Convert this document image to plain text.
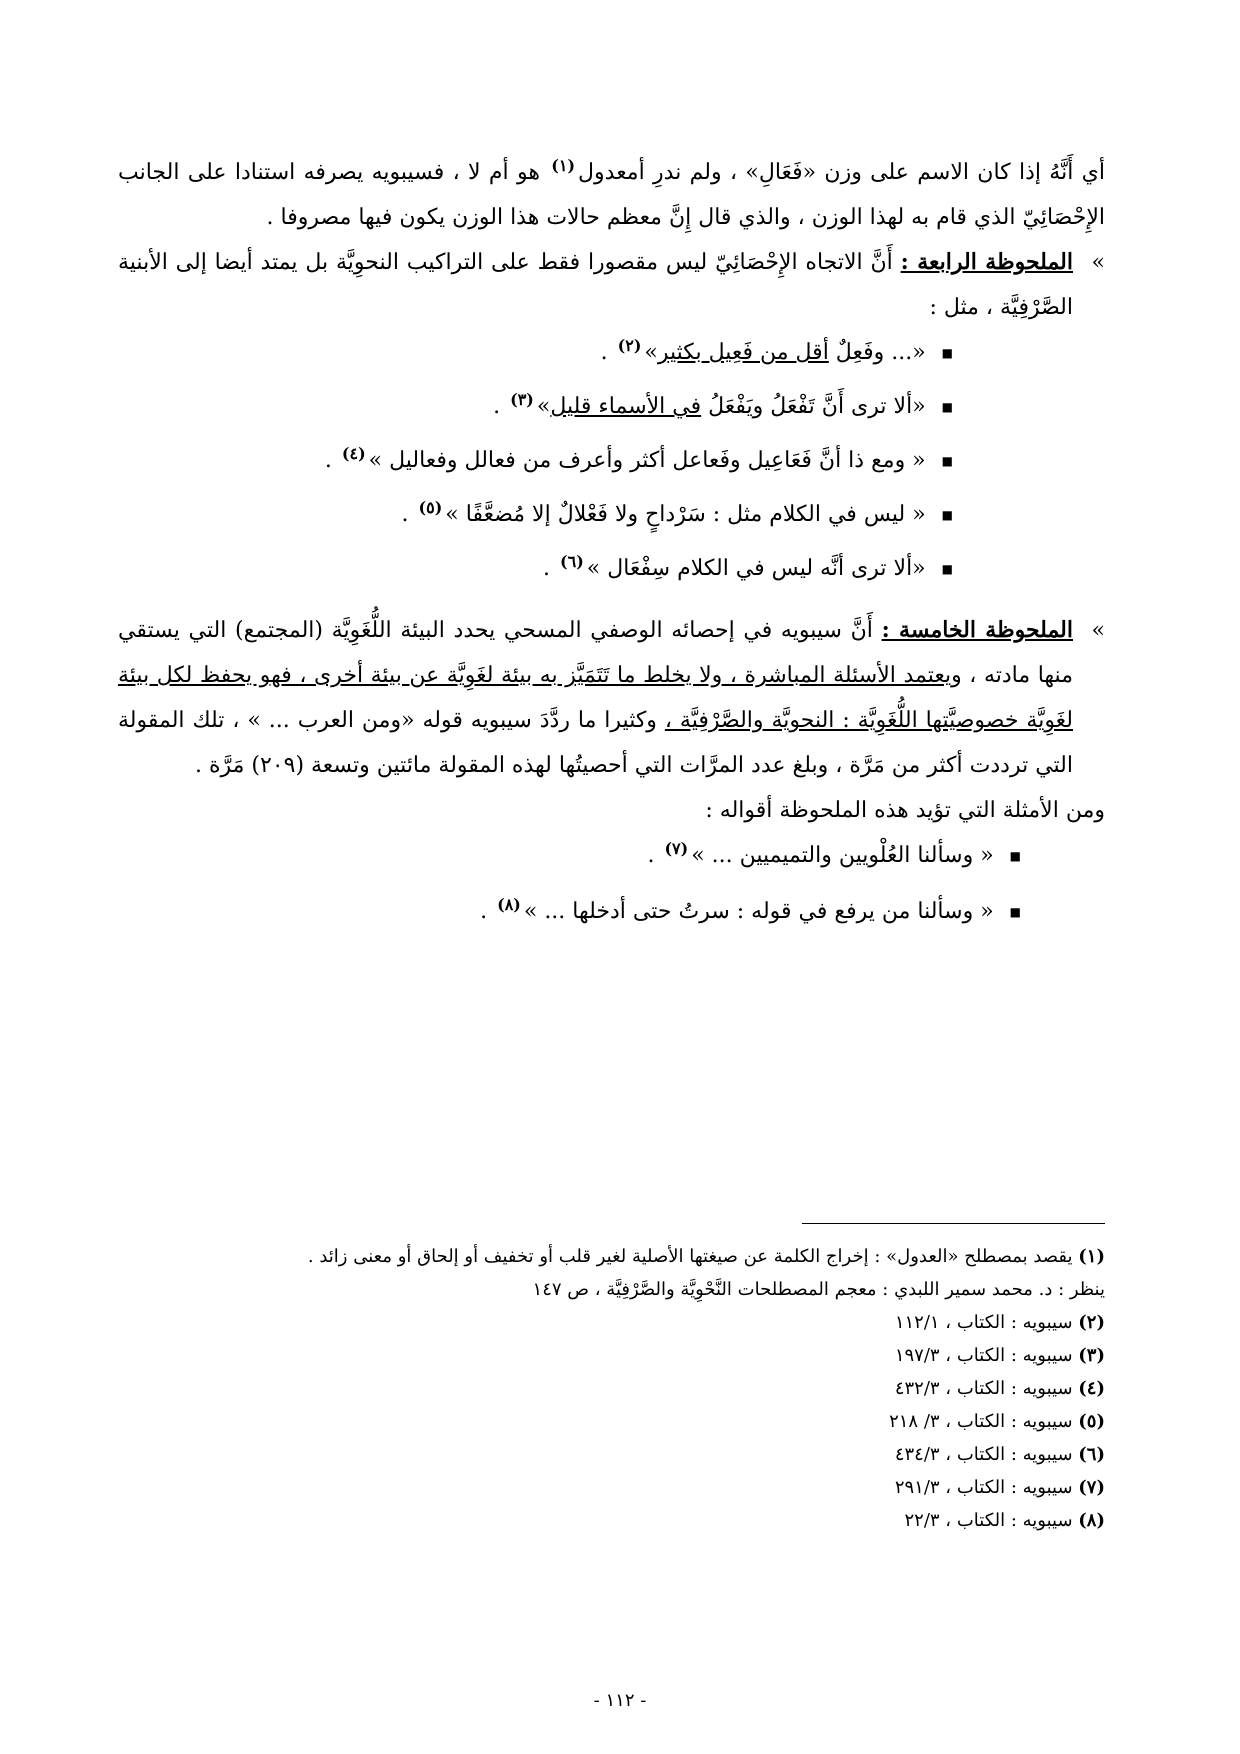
أي أَنَّهُ إذا كان الاسم على وزن «فَعَالِ» ، ولم ندرِ أمعدول$^{(١)}$ هو أم لا ، فسيبويه يصرفه استنادا على الجانب الإِحْصَائِيّ الذي قام به لهذا الوزن ، والذي قال إِنَّ معظم حالات هذا الوزن يكون فيها مصروفا .

»
الملحوظة الرابعة : أَنَّ الاتجاه الإِحْصَائِيّ ليس مقصورا فقط على التراكيب النحوِيَّة بل يمتد أيضا إلى الأبنية الصَّرْفِيَّة ، مثل :
■ «... وفَعِلٌ أقل من فَعِيل بكثير»$^{(٢)}$ .
■ «ألا ترى أَنَّ تَفْعَلُ ويَفْعَلُ في الأسماء قليل»$^{(٣)}$ .
■ « ومع ذا أنَّ فَعَاعِيل وفَعاعل أكثر وأعرف من فعالل وفعاليل »$^{(٤)}$ .
■ « ليس في الكلام مثل : سَرْداحٍ ولا فَعْلالٌ إلا مُضعَّفًا »$^{(٥)}$ .
■ «ألا ترى أنَّه ليس في الكلام سِفْعَال »$^{(٦)}$ .
»
الملحوظة الخامسة : أَنَّ سيبويه في إحصائه الوصفي المسحي يحدد البيئة اللُّغَوِيَّة (المجتمع) التي يستقي منها مادته ، ويعتمد الأسئلة المباشرة ، ولا يخلط ما تَتَمَيَّز به بيئة لغَوِيَّة عن بيئة أخرى ، فهو يحفظ لكل بيئة لغَوِيَّة خصوصيَّتها اللُّغَوِيَّة : النحويَّة والصَّرْفِيَّة ، وكثيرا ما ردَّدَ سيبويه قوله «ومن العرب ... » ، تلك المقولة التي ترددت أكثر من مَرَّة ، وبلغ عدد المرَّات التي أحصيتُها لهذه المقولة مائتين وتسعة (٢٠٩) مَرَّة .

ومن الأمثلة التي تؤيد هذه الملحوظة أقواله :

■ « وسألنا العُلْويين والتميميين ... »$^{(٧)}$ .
■ « وسألنا من يرفع في قوله : سرتُ حتى أدخلها ... »$^{(٨)}$ .

(١) يقصد بمصطلح «العدول» : إخراج الكلمة عن صيغتها الأصلية لغير قلب أو تخفيف أو إلحاق أو معنى زائد .

ينظر : د. محمد سمير اللبدي : معجم المصطلحات النَّحْوِيَّة والصَّرْفِيَّة ، ص ١٤٧

(٢) سيبويه : الكتاب ، ١١٢/١

(٣) سيبويه : الكتاب ، ١٩٧/٣

(٤) سيبويه : الكتاب ، ٤٣٢/٣

(٥) سيبويه : الكتاب ، ٣/ ٢١٨

(٦) سيبويه : الكتاب ، ٤٣٤/٣

(٧) سيبويه : الكتاب ، ٢٩١/٣

(٨) سيبويه : الكتاب ، ٢٢/٣

- ١١٢ -
